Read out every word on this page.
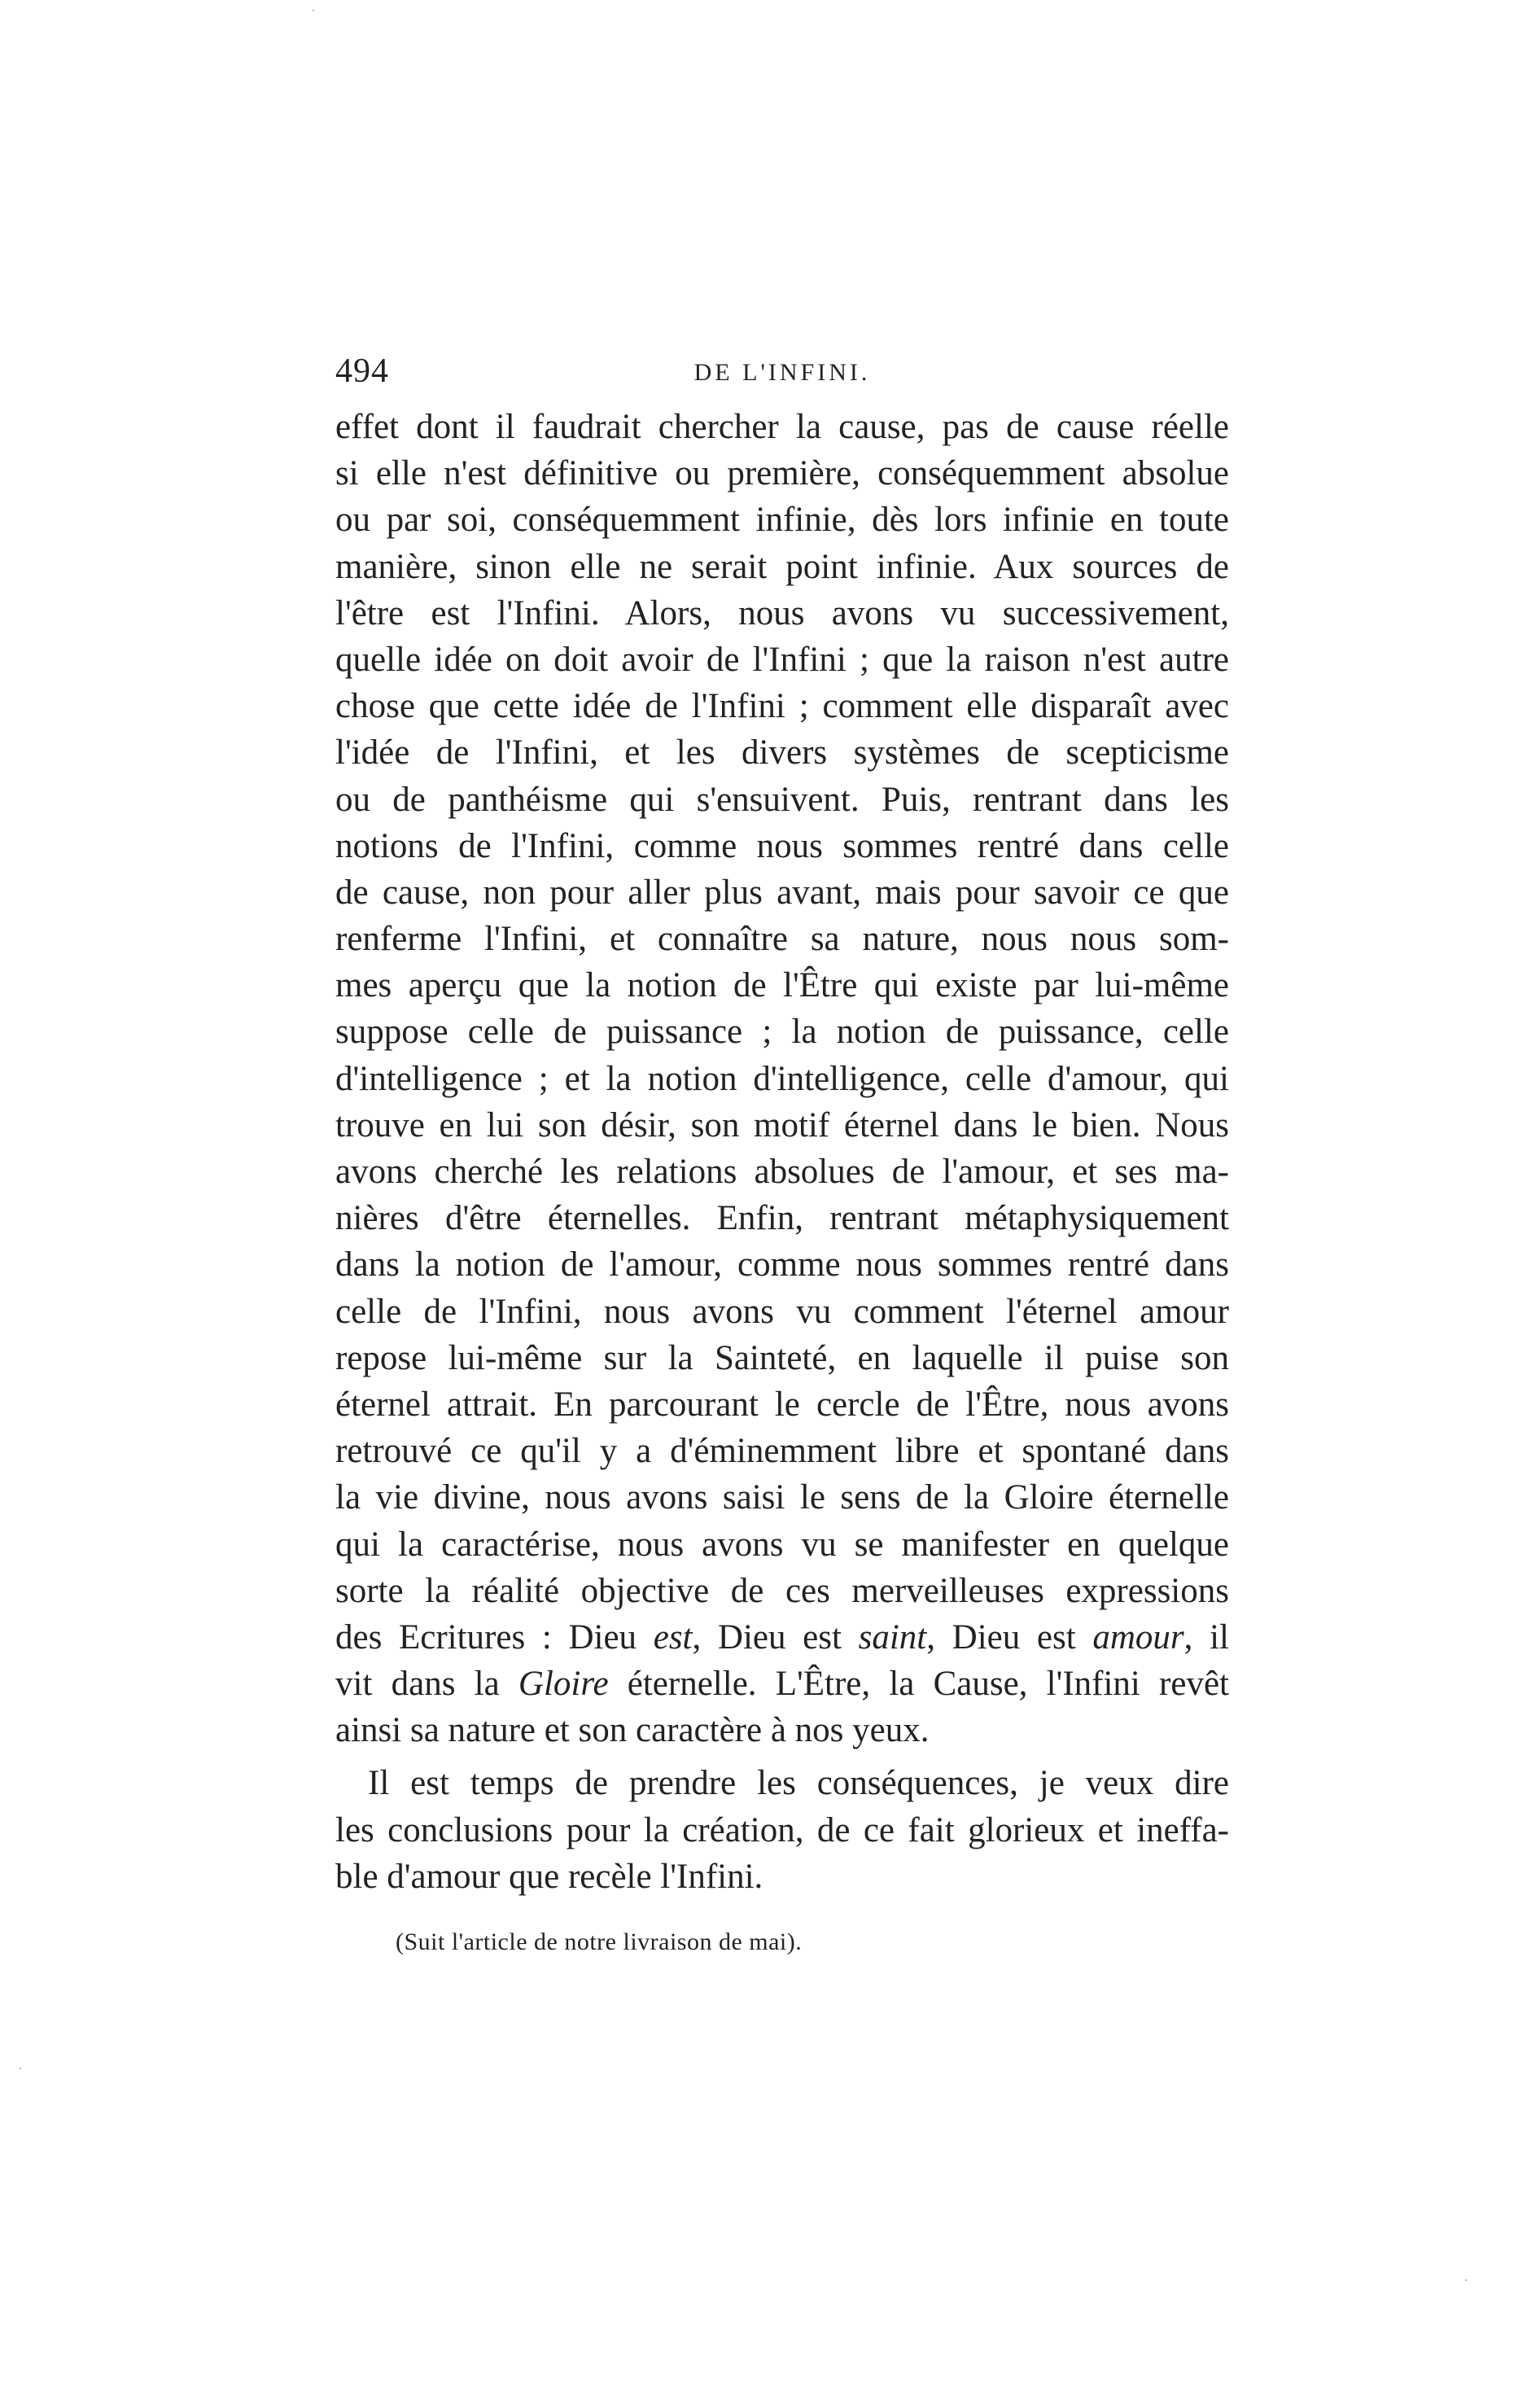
494	DE L'INFINI.
effet dont il faudrait chercher la cause, pas de cause réelle
si elle n'est définitive ou première, conséquemment absolue
ou par soi, conséquemment infinie, dès lors infinie en toute
manière, sinon elle ne serait point infinie. Aux sources de
l'être est l'Infini. Alors, nous avons vu successivement,
quelle idée on doit avoir de l'Infini ; que la raison n'est autre
chose que cette idée de l'Infini ; comment elle disparaît avec
l'idée de l'Infini, et les divers systèmes de scepticisme
ou de panthéisme qui s'ensuivent. Puis, rentrant dans les
notions de l'Infini, comme nous sommes rentré dans celle
de cause, non pour aller plus avant, mais pour savoir ce que
renferme l'Infini, et connaître sa nature, nous nous som-
mes aperçu que la notion de l'Être qui existe par lui-même
suppose celle de puissance ; la notion de puissance, celle
d'intelligence ; et la notion d'intelligence, celle d'amour, qui
trouve en lui son désir, son motif éternel dans le bien. Nous
avons cherché les relations absolues de l'amour, et ses ma-
nières d'être éternelles. Enfin, rentrant métaphysiquement
dans la notion de l'amour, comme nous sommes rentré dans
celle de l'Infini, nous avons vu comment l'éternel amour
repose lui-même sur la Sainteté, en laquelle il puise son
éternel attrait. En parcourant le cercle de l'Être, nous avons
retrouvé ce qu'il y a d'éminemment libre et spontané dans
la vie divine, nous avons saisi le sens de la Gloire éternelle
qui la caractérise, nous avons vu se manifester en quelque
sorte la réalité objective de ces merveilleuses expressions
des Ecritures : Dieu est, Dieu est saint, Dieu est amour, il
vit dans la Gloire éternelle. L'Être, la Cause, l'Infini revêt
ainsi sa nature et son caractère à nos yeux.
Il est temps de prendre les conséquences, je veux dire
les conclusions pour la création, de ce fait glorieux et ineffa-
ble d'amour que recèle l'Infini.
(Suit l'article de notre livraison de mai).
